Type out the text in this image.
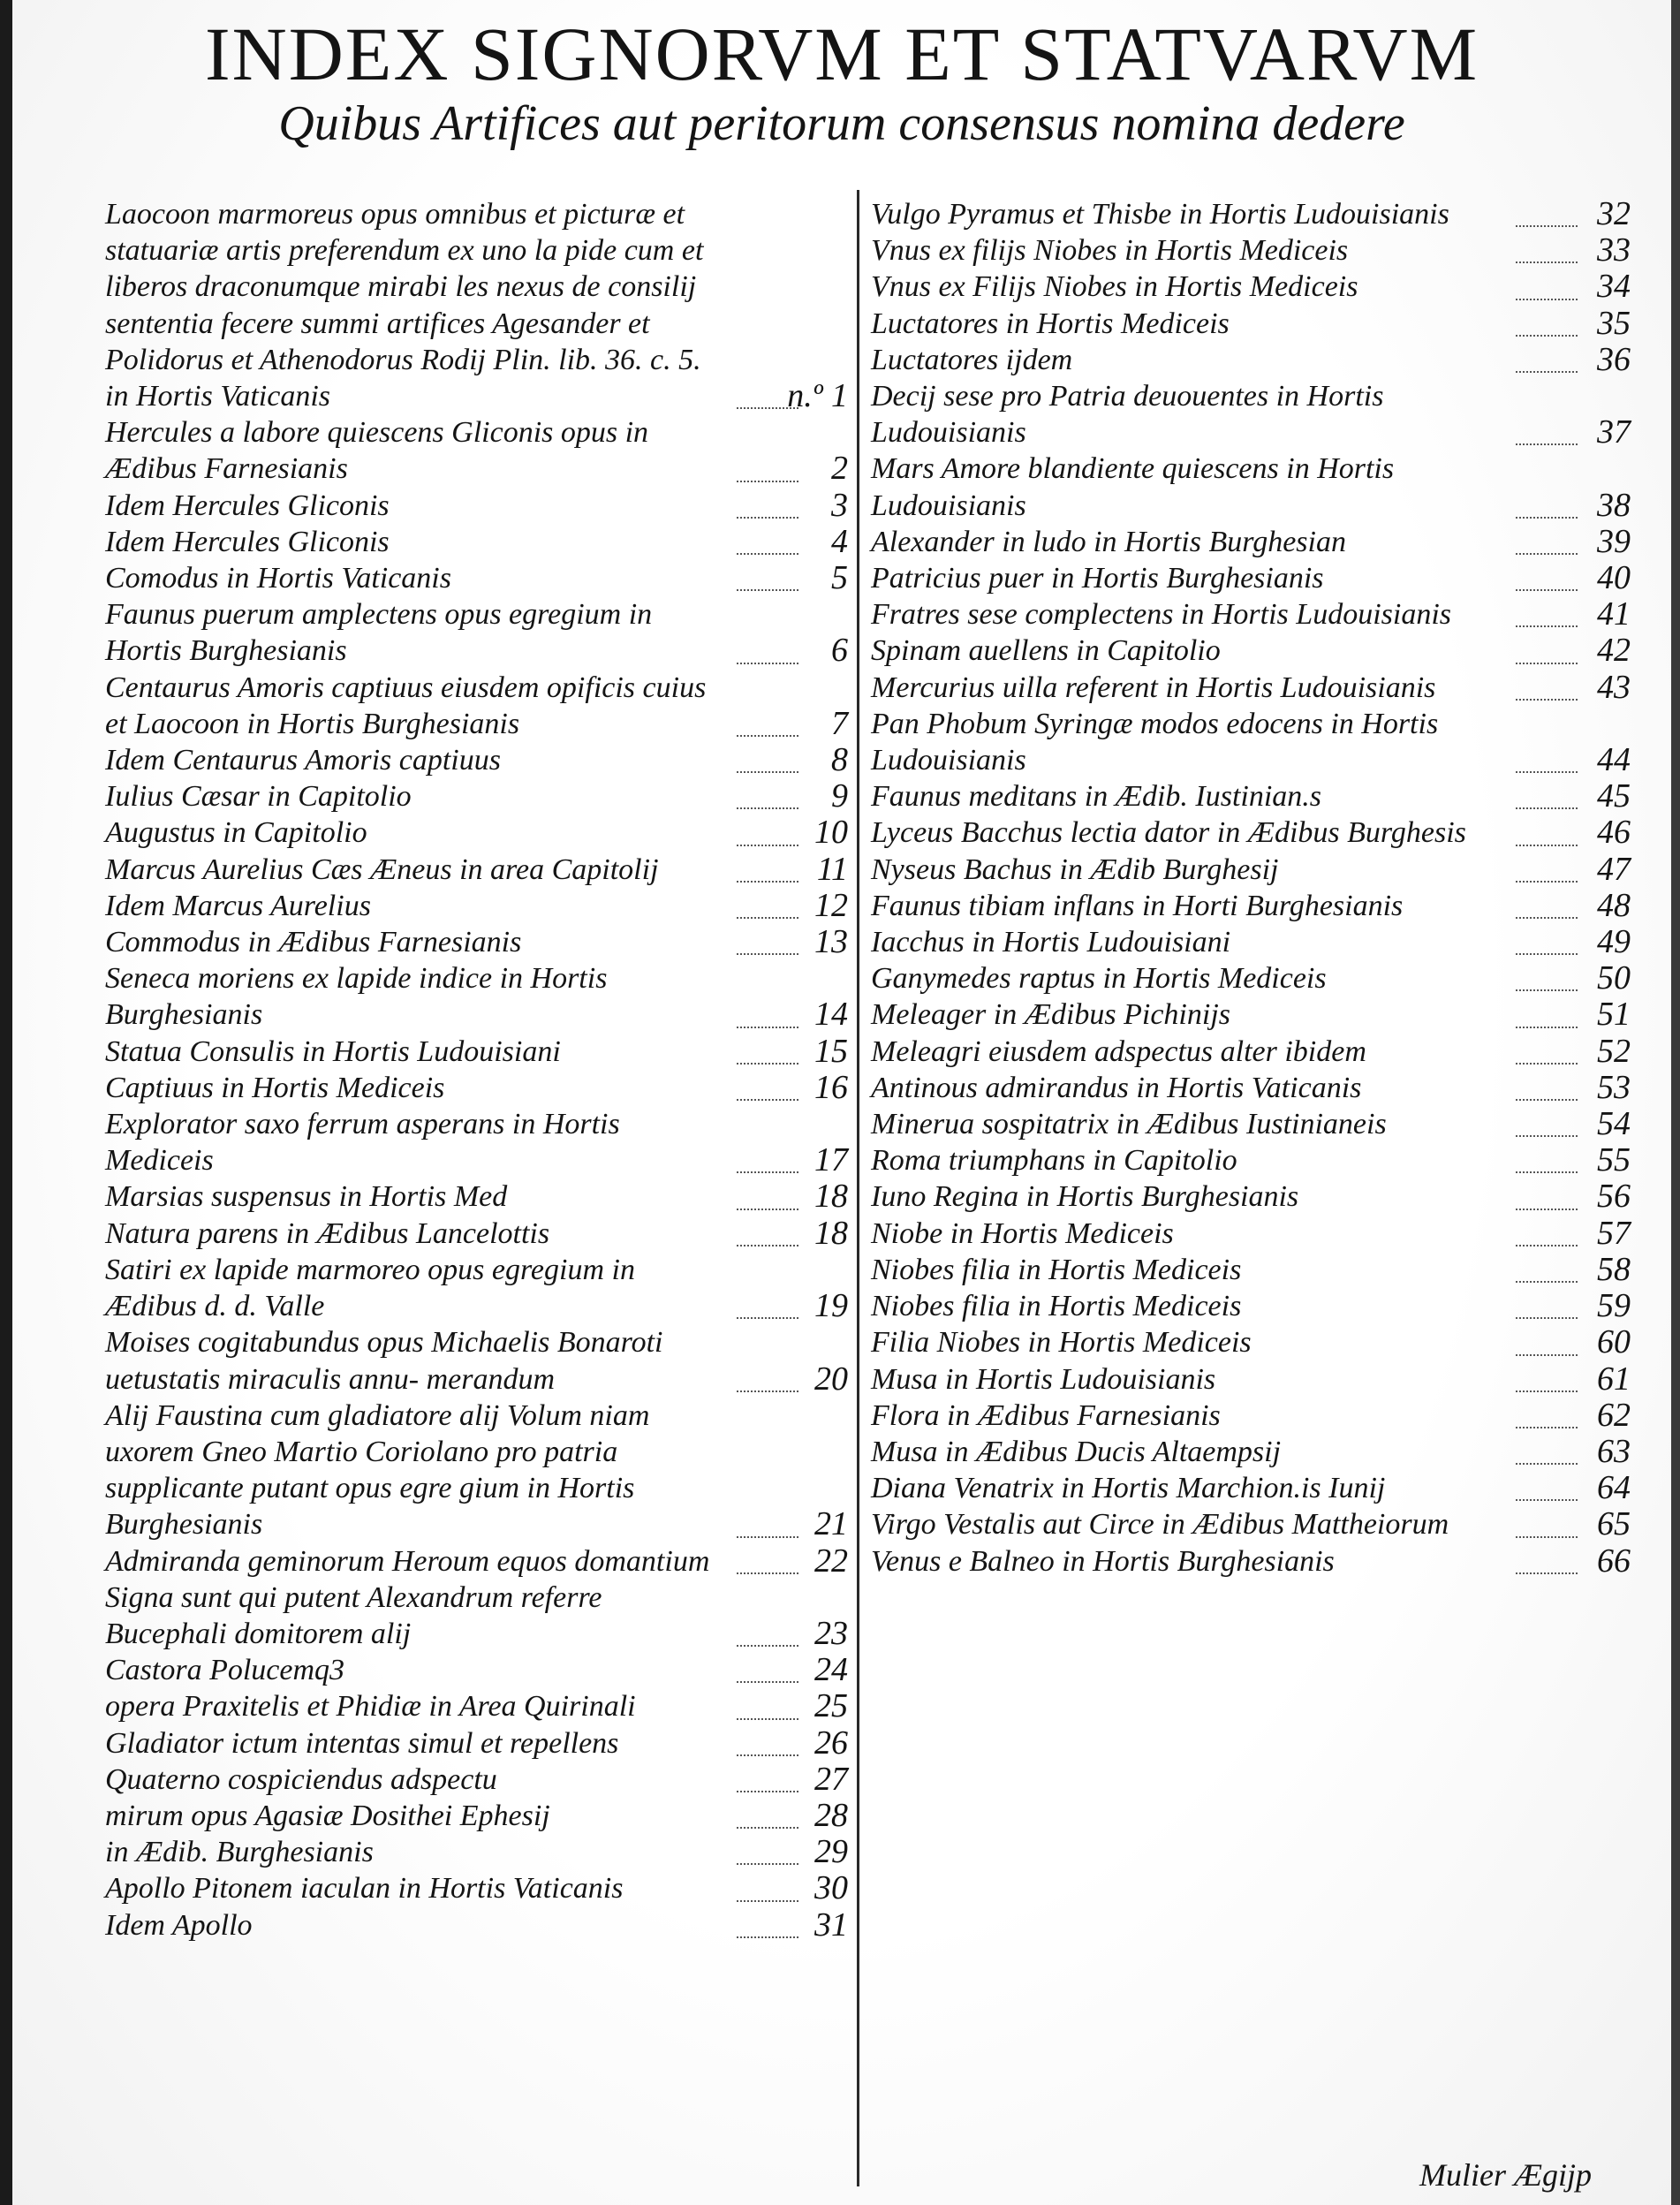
INDEX SIGNORVM ET STATVARVM
Quibus Artifices aut peritorum consensus nomina dedere
Laocoon marmoreus opus omnibus et picturæ et statuariæ artis preferendum ex uno la pide cum et liberos draconumque mirabi les nexus de consilij sententia fecere summi artifices Agesander et Polidorus et Athenodorus Rodij Plin. lib. 36. c. 5. in Hortis Vaticanis	n.º 1
Hercules a labore quiescens Gliconis opus in Ædibus Farnesianis	2
Idem Hercules Gliconis	3
Idem Hercules Gliconis	4
Comodus in Hortis Vaticanis	5
Faunus puerum amplectens opus egregium in Hortis Burghesianis	6
Centaurus Amoris captiuus eiusdem opificis cuius et Laocoon in Hortis Burghesianis	7
Idem Centaurus Amoris captiuus	8
Iulius Cæsar in Capitolio	9
Augustus in Capitolio	10
Marcus Aurelius Cæs Æneus in area Capitolij	11
Idem Marcus Aurelius	12
Commodus in Ædibus Farnesianis	13
Seneca moriens ex lapide indice in Hortis Burghesianis	14
Statua Consulis in Hortis Ludouisiani	15
Captiuus in Hortis Mediceis	16
Explorator saxo ferrum asperans in Hortis Mediceis	17
Marsias suspensus in Hortis Med	18
Natura parens in Ædibus Lancelottis	18
Satiri ex lapide marmoreo opus egregium in Ædibus d. d. Valle	19
Moises cogitabundus opus Michaelis Bonaroti uetustatis miraculis annu- merandum	20
Alij Faustina cum gladiatore alij Volum niam uxorem Gneo Martio Coriolano pro patria supplicante putant opus egre gium in Hortis Burghesianis	21
Admiranda geminorum Heroum equos domantium	22
Signa sunt qui putent Alexandrum referre Bucephali domitorem alij	23
Castora Polucemq3	24
opera Praxitelis et Phidiæ in Area Quirinali	25
Gladiator ictum intentas simul et repellens	26
Quaterno cospiciendus adspectu	27
mirum opus Agasiæ Dosithei Ephesij	28
in Ædib. Burghesianis	29
Apollo Pitonem iaculan in Hortis Vaticanis	30
Idem Apollo	31
Vulgo Pyramus et Thisbe in Hortis Ludouisianis	32
Vnus ex filijs Niobes in Hortis Mediceis	33
Vnus ex Filijs Niobes in Hortis Mediceis	34
Luctatores in Hortis Mediceis	35
Luctatores ijdem	36
Decij sese pro Patria deuouentes in Hortis Ludouisianis	37
Mars Amore blandiente quiescens in Hortis Ludouisianis	38
Alexander in ludo in Hortis Burghesian	39
Patricius puer in Hortis Burghesianis	40
Fratres sese complectens in Hortis Ludouisianis	41
Spinam auellens in Capitolio	42
Mercurius uilla referent in Hortis Ludouisianis	43
Pan Phobum Syringæ modos edocens in Hortis Ludouisianis	44
Faunus meditans in Ædib. Iustinian.s	45
Lyceus Bacchus lectia dator in Ædibus Burghesis	46
Nyseus Bachus in Ædib Burghesij	47
Faunus tibiam inflans in Horti Burghesianis	48
Iacchus in Hortis Ludouisiani	49
Ganymedes raptus in Hortis Mediceis	50
Meleager in Ædibus Pichinijs	51
Meleagri eiusdem adspectus alter ibidem	52
Antinous admirandus in Hortis Vaticanis	53
Minerua sospitatrix in Ædibus Iustinianeis	54
Roma triumphans in Capitolio	55
Iuno Regina in Hortis Burghesianis	56
Niobe in Hortis Mediceis	57
Niobes filia in Hortis Mediceis	58
Niobes filia in Hortis Mediceis	59
Filia Niobes in Hortis Mediceis	60
Musa in Hortis Ludouisianis	61
Flora in Ædibus Farnesianis	62
Musa in Ædibus Ducis Altaempsij	63
Diana Venatrix in Hortis Marchion.is Iunij	64
Virgo Vestalis aut Circe in Ædibus Mattheiorum	65
Venus e Balneo in Hortis Burghesianis	66
Mulier Ægijp
